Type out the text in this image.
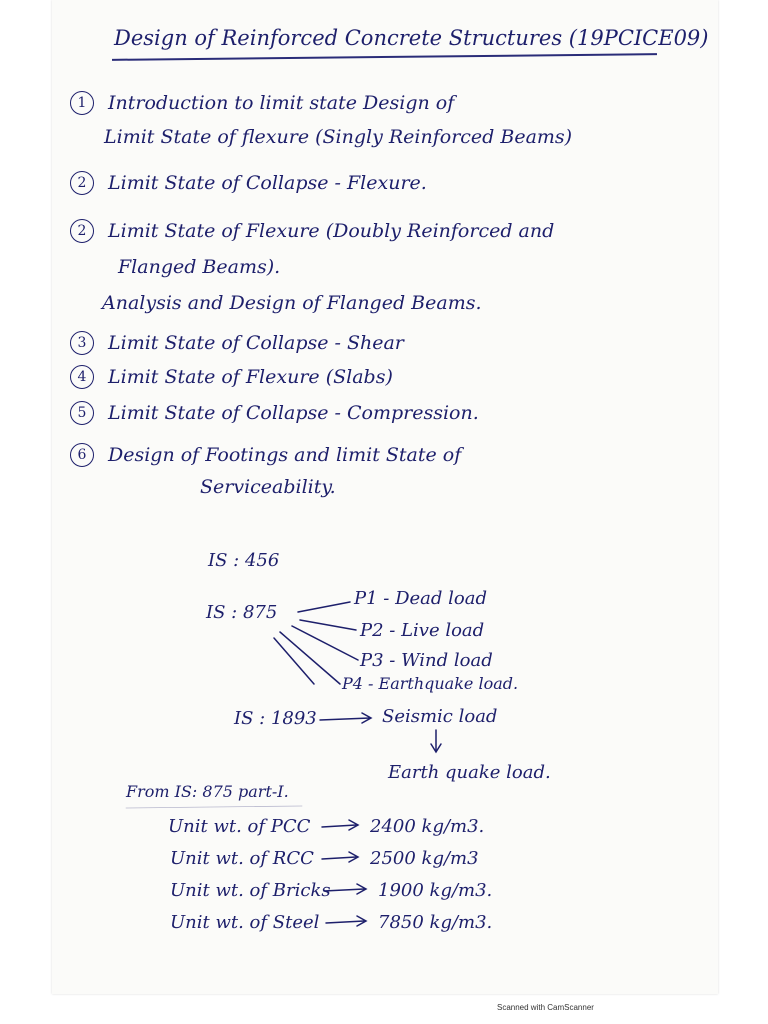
Design of Reinforced Concrete Structures (19PCICE09)
1 Introduction to limit state Design of
Limit State of flexure (Singly Reinforced Beams)
2 Limit State of Collapse - Flexure.
2 Limit State of Flexure (Doubly Reinforced and
Flanged Beams).
Analysis and Design of Flanged Beams.
3 Limit State of Collapse - Shear
4 Limit State of Flexure (Slabs)
5 Limit State of Collapse - Compression.
6 Design of Footings and limit State of
Serviceability.
IS : 456
IS : 875
P1 - Dead load
P2 - Live load
P3 - Wind load
P4 - Earthquake load.
IS : 1893	Seismic load
Earth quake load.
From IS: 875 part-I.
Unit wt. of PCC	2400 kg/m3.
Unit wt. of RCC	2500 kg/m3
Unit wt. of Bricks	1900 kg/m3.
Unit wt. of Steel	7850 kg/m3.
Scanned with CamScanner
